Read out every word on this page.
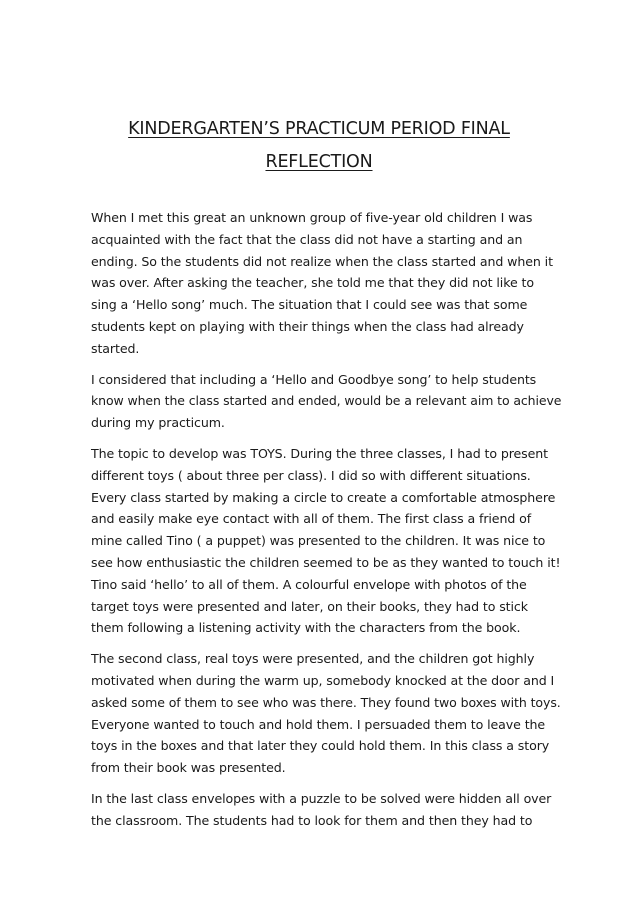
KINDERGARTEN’S PRACTICUM PERIOD FINAL
REFLECTION

When I met this great an unknown group of five-year old children I was
acquainted with the fact that the class did not have a starting and an
ending. So the students did not realize when the class started and when it
was over. After asking the teacher, she told me that they did not like to
sing a ‘Hello song’ much. The situation that I could see was that some
students kept on playing with their things when the class had already
started.

I considered that including a ‘Hello and Goodbye song’ to help students
know when the class started and ended, would be a relevant aim to achieve
during my practicum.

The topic to develop was TOYS. During the three classes, I had to present
different toys ( about three per class). I did so with different situations.
Every class started by making a circle to create a comfortable atmosphere
and easily make eye contact with all of them. The first class a friend of
mine called Tino ( a puppet) was presented to the children. It was nice to
see how enthusiastic the children seemed to be as they wanted to touch it!
Tino said ‘hello’ to all of them. A colourful envelope with photos of the
target toys were presented and later, on their books, they had to stick
them following a listening activity with the characters from the book.

The second class, real toys were presented, and the children got highly
motivated when during the warm up, somebody knocked at the door and I
asked some of them to see who was there. They found two boxes with toys.
Everyone wanted to touch and hold them. I persuaded them to leave the
toys in the boxes and that later they could hold them. In this class a story
from their book was presented.

In the last class envelopes with a puzzle to be solved were hidden all over
the classroom. The students had to look for them and then they had to
